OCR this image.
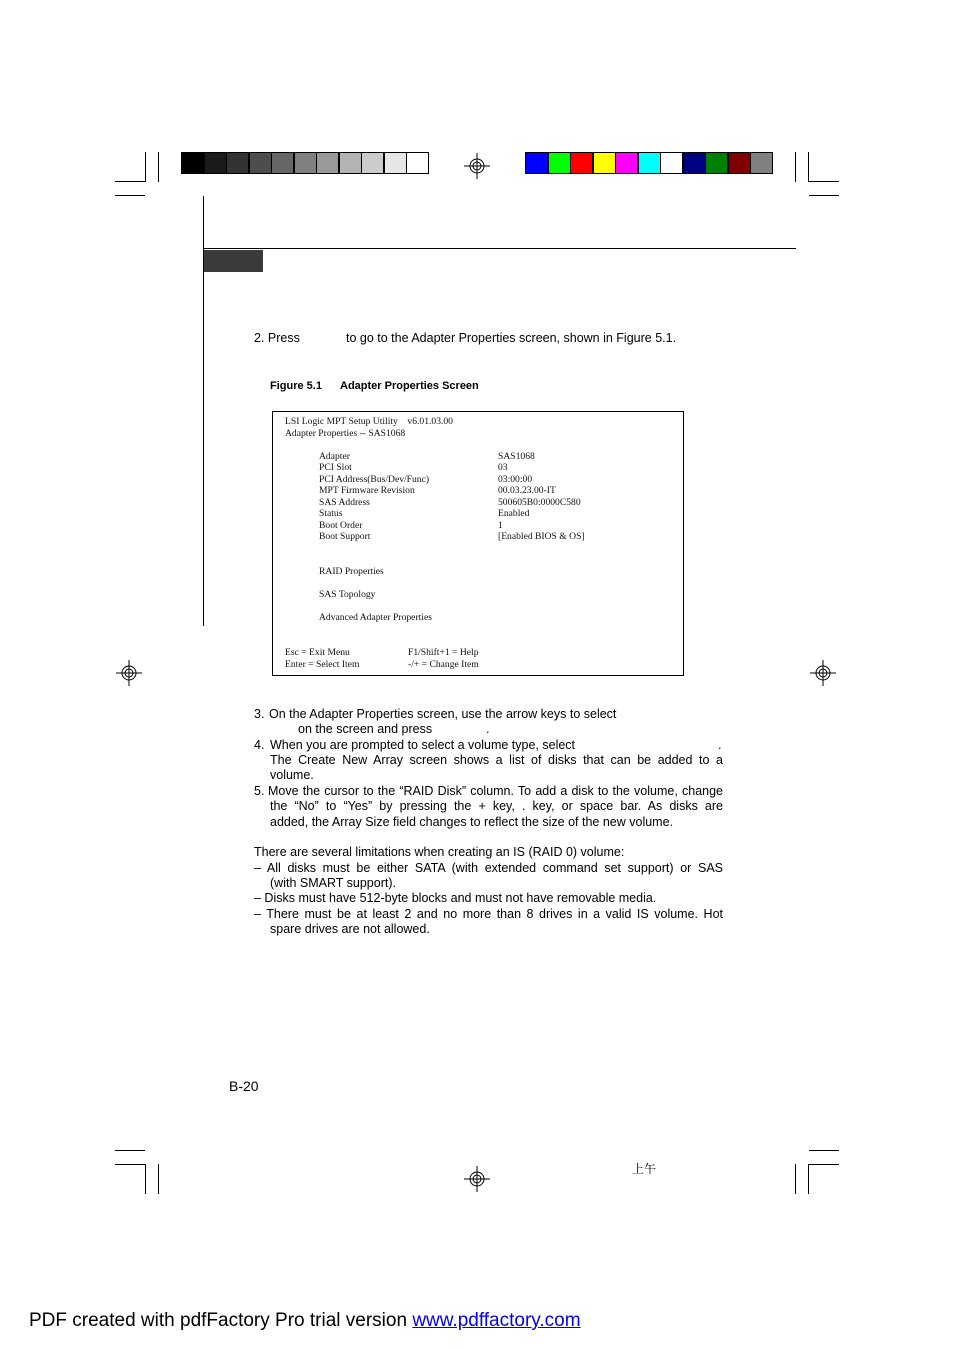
上午
2. Press	to go to the Adapter Properties screen, shown in Figure 5.1.
Figure 5.1 Adapter Properties Screen
LSI Logic MPT Setup Utility    v6.01.03.00
Adapter Properties -- SAS1068
Adapter	SAS1068
PCI Slot	03
PCI Address(Bus/Dev/Func)	03:00:00
MPT Firmware Revision	00.03.23.00-IT
SAS Address	500605B0:0000C580
Status	Enabled
Boot Order	1
Boot Support	[Enabled BIOS & OS]
RAID Properties
SAS Topology
Advanced Adapter Properties
Esc = Exit Menu	F1/Shift+1 = Help
Enter = Select Item	-/+ = Change Item
3. On the Adapter Properties screen, use the arrow keys to select
on the screen and press	.
4. When you are prompted to select a volume type, select	.
The Create New Array screen shows a list of disks that can be added to a
volume.
5. Move the cursor to the “RAID Disk” column. To add a disk to the volume, change
the “No” to “Yes” by pressing the + key, . key, or space bar. As disks are
added, the Array Size field changes to reflect the size of the new volume.
There are several limitations when creating an IS (RAID 0) volume:
– All disks must be either SATA (with extended command set support) or SAS
(with SMART support).
– Disks must have 512-byte blocks and must not have removable media.
– There must be at least 2 and no more than 8 drives in a valid IS volume. Hot
spare drives are not allowed.
B-20
PDF created with pdfFactory Pro trial version www.pdffactory.com
